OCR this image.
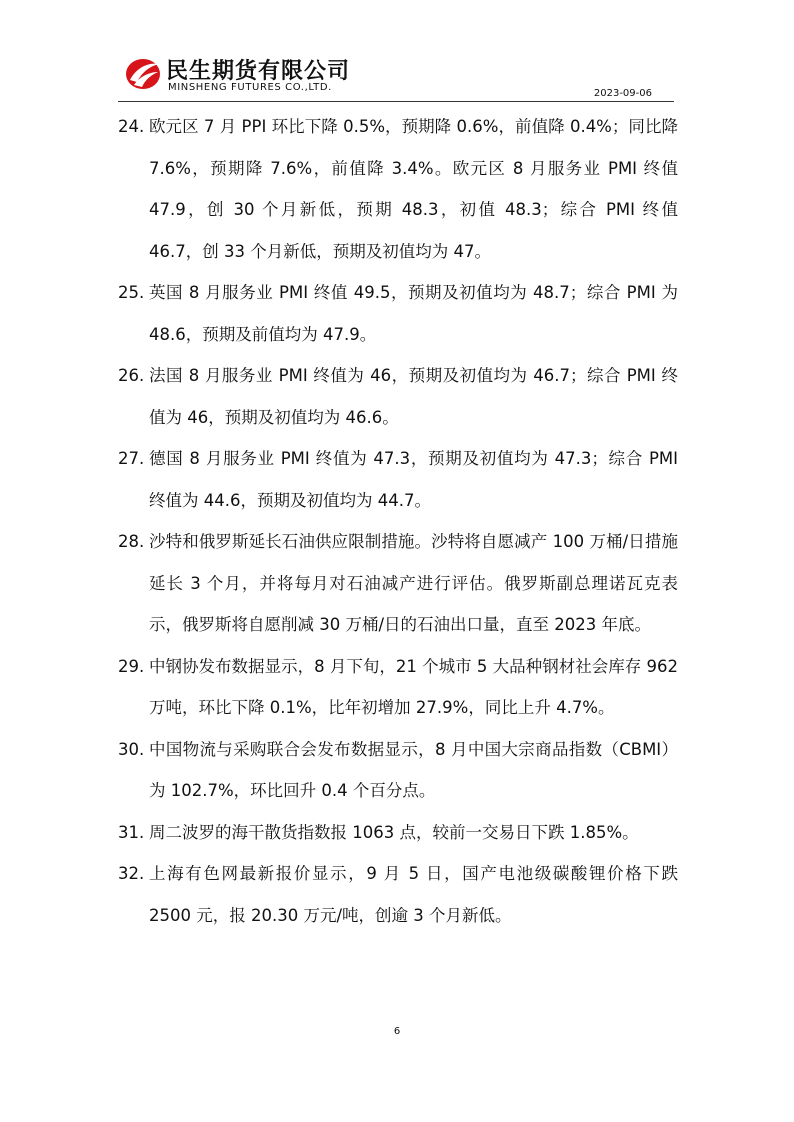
民生期货有限公司
MINSHENG FUTURES CO.,LTD.
2023-09-06
24. 欧元区 7 月 PPI 环比下降 0.5%，预期降 0.6%，前值降 0.4%；同比降 7.6%，预期降 7.6%，前值降 3.4%。欧元区 8 月服务业 PMI 终值 47.9，创 30 个月新低，预期 48.3，初值 48.3；综合 PMI 终值 46.7，创 33 个月新低，预期及初值均为 47。
25. 英国 8 月服务业 PMI 终值 49.5，预期及初值均为 48.7；综合 PMI 为 48.6，预期及前值均为 47.9。
26. 法国 8 月服务业 PMI 终值为 46，预期及初值均为 46.7；综合 PMI 终值为 46，预期及初值均为 46.6。
27. 德国 8 月服务业 PMI 终值为 47.3，预期及初值均为 47.3；综合 PMI 终值为 44.6，预期及初值均为 44.7。
28. 沙特和俄罗斯延长石油供应限制措施。沙特将自愿减产 100 万桶/日措施延长 3 个月，并将每月对石油减产进行评估。俄罗斯副总理诺瓦克表示，俄罗斯将自愿削减 30 万桶/日的石油出口量，直至 2023 年底。
29. 中钢协发布数据显示，8 月下旬，21 个城市 5 大品种钢材社会库存 962 万吨，环比下降 0.1%，比年初增加 27.9%，同比上升 4.7%。
30. 中国物流与采购联合会发布数据显示，8 月中国大宗商品指数（CBMI）为 102.7%，环比回升 0.4 个百分点。
31. 周二波罗的海干散货指数报 1063 点，较前一交易日下跌 1.85%。
32. 上海有色网最新报价显示，9 月 5 日，国产电池级碳酸锂价格下跌 2500 元，报 20.30 万元/吨，创逾 3 个月新低。
6
